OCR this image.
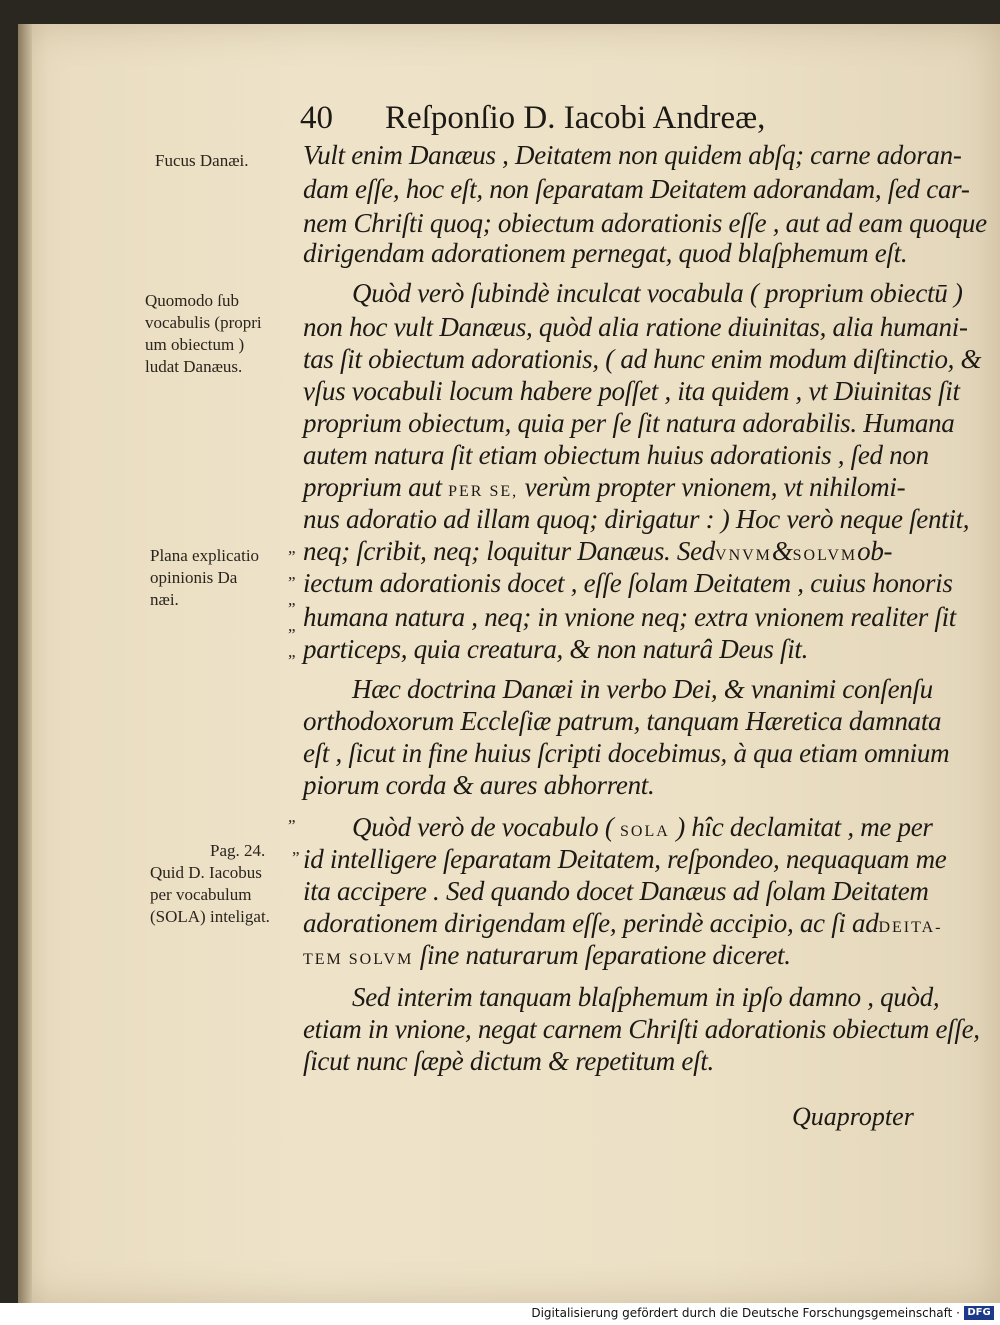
40 Reſponſio D. Iacobi Andreæ,
Fucus Danæi.
Quomodo ſub
vocabulis (propri
um obiectum )
ludat Danæus.
Plana explicatio
opinionis Da
næi.
Pag. 24.
Quid D. Iacobus
per vocabulum
(SOLA) inteligat.
”
”
”
”
”
”
”
Vult enim Danæus , Deitatem non quidem abſq; carne adoran-
dam eſſe, hoc eſt, non ſeparatam Deitatem adorandam, ſed car-
nem Chriſti quoq; obiectum adorationis eſſe , aut ad eam quoque
dirigendam adorationem pernegat, quod blaſphemum eſt.
Quòd verò ſubindè inculcat vocabula ( proprium obiectū )
non hoc vult Danæus, quòd alia ratione diuinitas, alia humani-
tas ſit obiectum adorationis, ( ad hunc enim modum diſtinctio, &
vſus vocabuli locum habere poſſet , ita quidem , vt Diuinitas ſit
proprium obiectum, quia per ſe ſit natura adorabilis. Humana
autem natura ſit etiam obiectum huius adorationis , ſed non
proprium aut PER SE, verùm propter vnionem, vt nihilomi-
nus adoratio ad illam quoq; dirigatur : ) Hoc verò neque ſentit,
neq; ſcribit, neq; loquitur Danæus. SedVNVM&SOLVMob-
iectum adorationis docet , eſſe ſolam Deitatem , cuius honoris
humana natura , neq; in vnione neq; extra vnionem realiter ſit
particeps, quia creatura, & non naturâ Deus ſit.
Hæc doctrina Danæi in verbo Dei, & vnanimi conſenſu
orthodoxorum Eccleſiæ patrum, tanquam Hæretica damnata
eſt , ſicut in fine huius ſcripti docebimus, à qua etiam omnium
piorum corda & aures abhorrent.
Quòd verò de vocabulo ( SOLA ) hîc declamitat , me per
id intelligere ſeparatam Deitatem, reſpondeo, nequaquam me
ita accipere . Sed quando docet Danæus ad ſolam Deitatem
adorationem dirigendam eſſe, perindè accipio, ac ſi adDEITA-
TEM SOLVM ſine naturarum ſeparatione diceret.
Sed interim tanquam blaſphemum in ipſo damno , quòd,
etiam in vnione, negat carnem Chriſti adorationis obiectum eſſe,
ſicut nunc ſæpè dictum & repetitum eſt.
Quapropter
Digitalisierung gefördert durch die Deutsche Forschungsgemeinschaft · DFG
